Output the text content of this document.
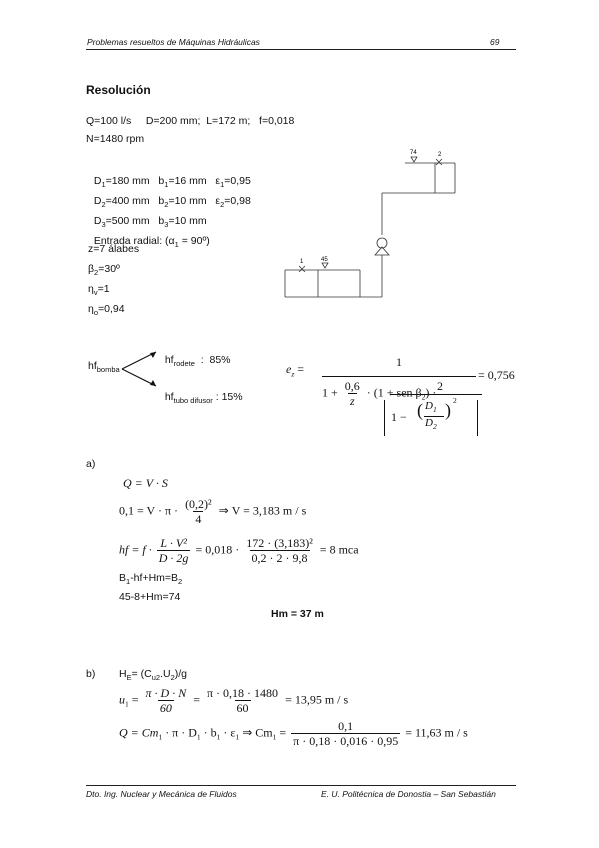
Problemas resueltos de Máquinas Hidráulicas	69
Resolución
Q=100 l/s     D=200 mm;  L=172 m;   f=0,018
N=1480 rpm

$D_1=180$ mm   $b_1=16$ mm   $\varepsilon_1=0,95$

$D_2=400$ mm   $b_2=10$ mm   $\varepsilon_2=0,98$

$D_3=500$ mm   $b_3=10$ mm

Entrada radial: ($\alpha_1$ = 90º)

z=7 álabes
$\beta_2=30º$
$\eta_v=1$
$\eta_o=0,94$
74	2
1	45
$hf_{bomba}$

$hf_{rodete}$  :  85%

$hf_{tubo difusor}$ : 15%

$e_z$ =	1
$1 + \frac{0,6}{z} \cdot (1$ + sen $\beta_2) \cdot 2$
1 − ( $D_1$
$D_2$
) 2
= 0,756
a)
Q = V · S
$0,1 = V \cdot \pi \cdot \frac{\text{(0,2)²}}{4}$ ⇒ V = 3,183 m / s
hf = $f \cdot \frac{\text{L · V²}}{D \cdot 2g} = 0,018 \cdot \frac{\text{172 · (3,183)²}}{0,2 \cdot 2 \cdot 9,8} = 8$ mca
$B_1-hf+Hm=B_2$
45-8+Hm=74
Hm = 37 m
b) $H_E= (C_{u2}.U_2)/g$
$u_1 = \frac{\pi \cdot D \cdot N}{60} = \frac{\pi \cdot 0,18 \cdot 1480}{60} = 13,95$ m / s
$Q = Cm_1 \cdot \pi \cdot D_1 \cdot b_1 \cdot \varepsilon_1$ ⇒ $Cm_1 = \frac{0,1}{\pi \cdot 0,18 \cdot 0,016 \cdot 0,95} = 11,63$ m / s
Dto. Ing. Nuclear y Mecánica de Fluidos	E. U. Politécnica de Donostia – San Sebastián
